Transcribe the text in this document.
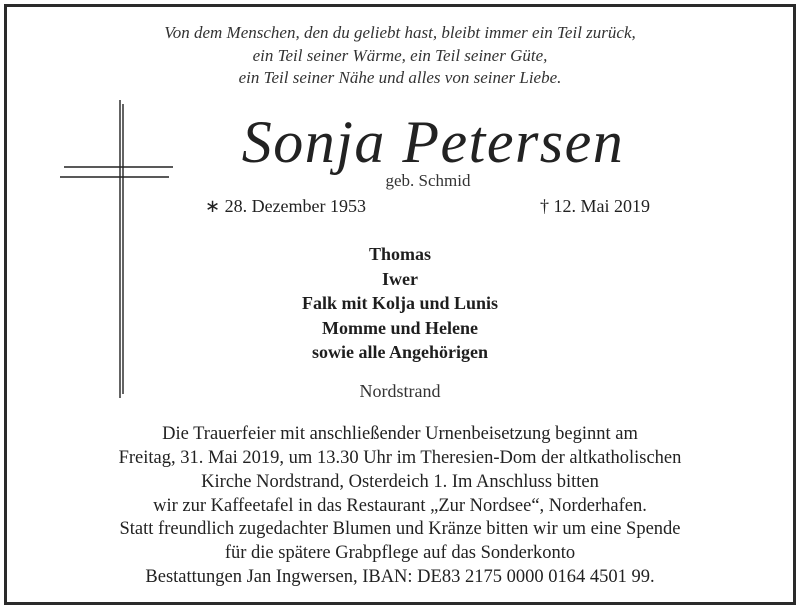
Von dem Menschen, den du geliebt hast, bleibt immer ein Teil zurück,
ein Teil seiner Wärme, ein Teil seiner Güte,
ein Teil seiner Nähe und alles von seiner Liebe.
Sonja Petersen
geb. Schmid
∗ 28. Dezember 1953	† 12. Mai 2019
Thomas
Iwer
Falk mit Kolja und Lunis
Momme und Helene
sowie alle Angehörigen
Nordstrand
Die Trauerfeier mit anschließender Urnenbeisetzung beginnt am
Freitag, 31. Mai 2019, um 13.30 Uhr im Theresien-Dom der altkatholischen
Kirche Nordstrand, Osterdeich 1. Im Anschluss bitten
wir zur Kaffeetafel in das Restaurant „Zur Nordsee“, Norderhafen.
Statt freundlich zugedachter Blumen und Kränze bitten wir um eine Spende
für die spätere Grabpflege auf das Sonderkonto
Bestattungen Jan Ingwersen, IBAN: DE83 2175 0000 0164 4501 99.
